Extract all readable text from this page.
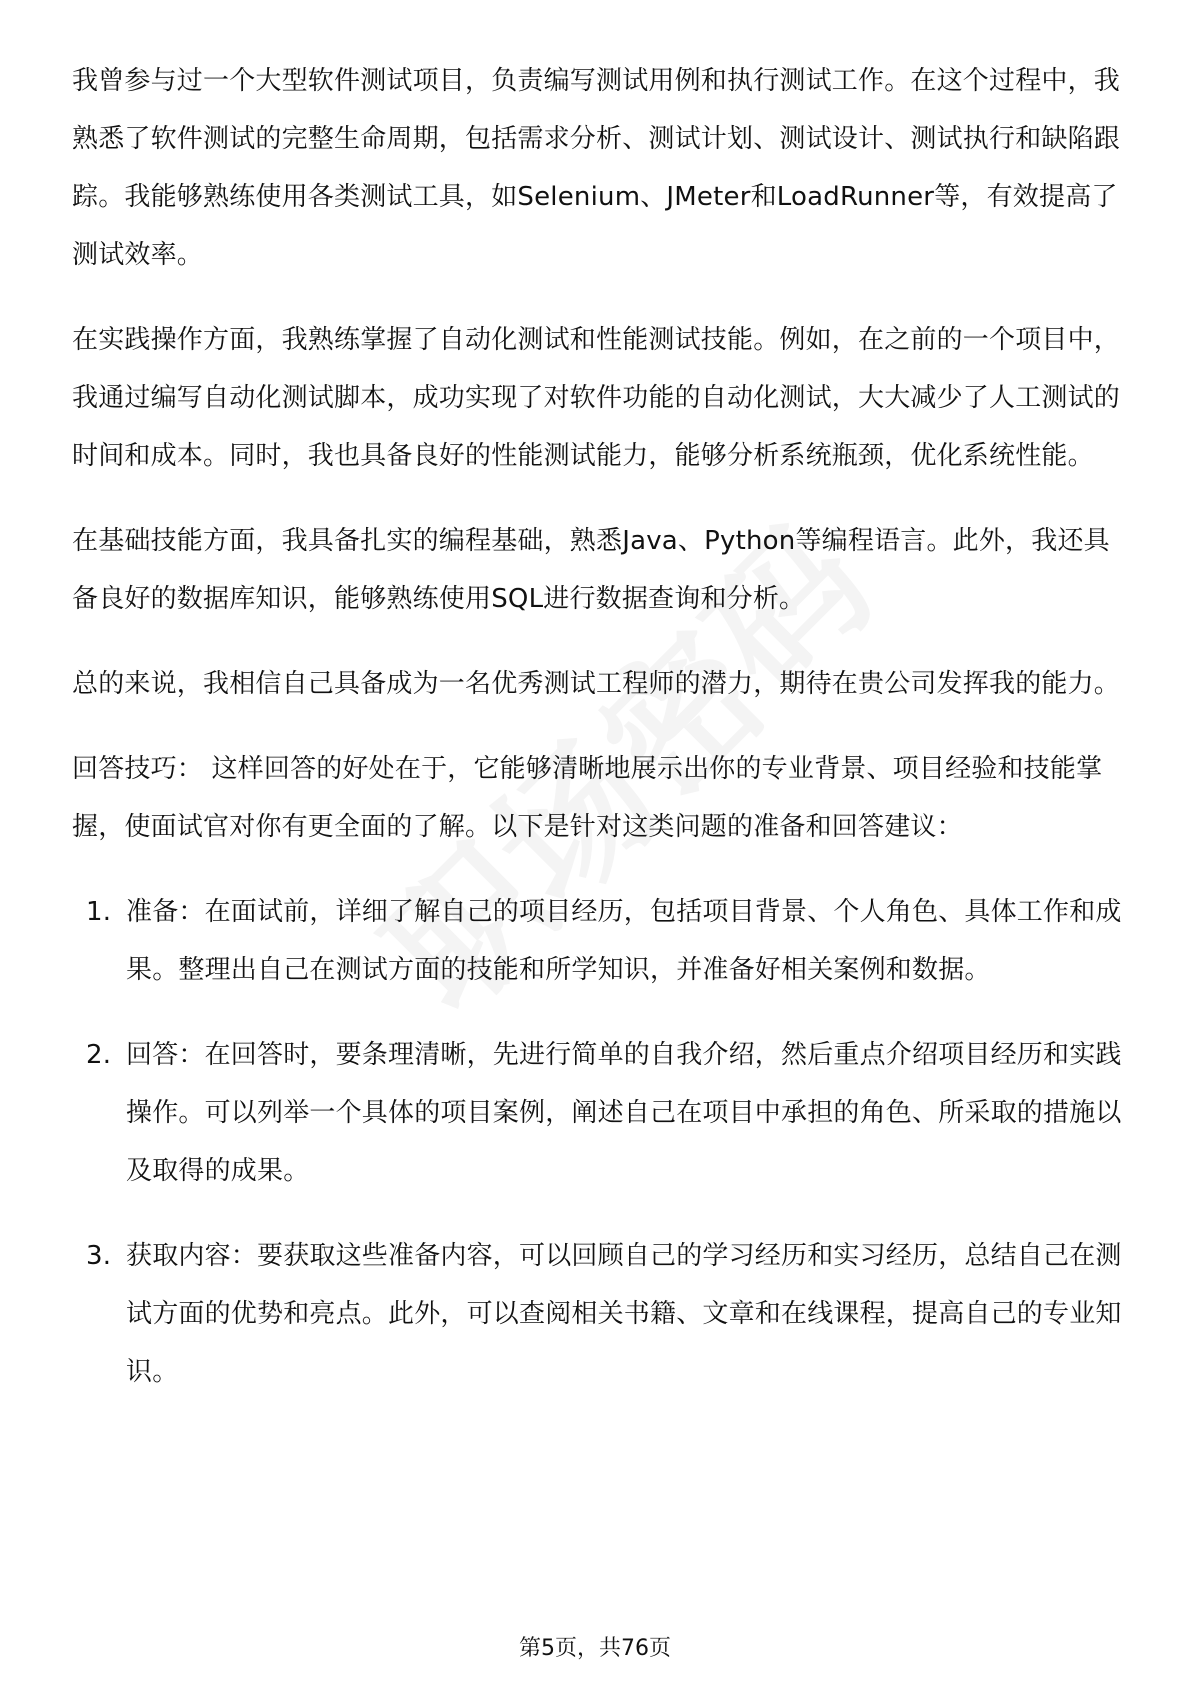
我曾参与过一个大型软件测试项目，负责编写测试用例和执行测试工作。在这个过程中，我熟悉了软件测试的完整生命周期，包括需求分析、测试计划、测试设计、测试执行和缺陷跟踪。我能够熟练使用各类测试工具，如Selenium、JMeter和LoadRunner等，有效提高了测试效率。

在实践操作方面，我熟练掌握了自动化测试和性能测试技能。例如，在之前的一个项目中，我通过编写自动化测试脚本，成功实现了对软件功能的自动化测试，大大减少了人工测试的时间和成本。同时，我也具备良好的性能测试能力，能够分析系统瓶颈，优化系统性能。

在基础技能方面，我具备扎实的编程基础，熟悉Java、Python等编程语言。此外，我还具备良好的数据库知识，能够熟练使用SQL进行数据查询和分析。

总的来说，我相信自己具备成为一名优秀测试工程师的潜力，期待在贵公司发挥我的能力。

回答技巧： 这样回答的好处在于，它能够清晰地展示出你的专业背景、项目经验和技能掌握，使面试官对你有更全面的了解。以下是针对这类问题的准备和回答建议：

1. 准备：在面试前，详细了解自己的项目经历，包括项目背景、个人角色、具体工作和成果。整理出自己在测试方面的技能和所学知识，并准备好相关案例和数据。
2. 回答：在回答时，要条理清晰，先进行简单的自我介绍，然后重点介绍项目经历和实践操作。可以列举一个具体的项目案例，阐述自己在项目中承担的角色、所采取的措施以及取得的成果。
3. 获取内容：要获取这些准备内容，可以回顾自己的学习经历和实习经历，总结自己在测试方面的优势和亮点。此外，可以查阅相关书籍、文章和在线课程，提高自己的专业知识。
第5页，共76页
